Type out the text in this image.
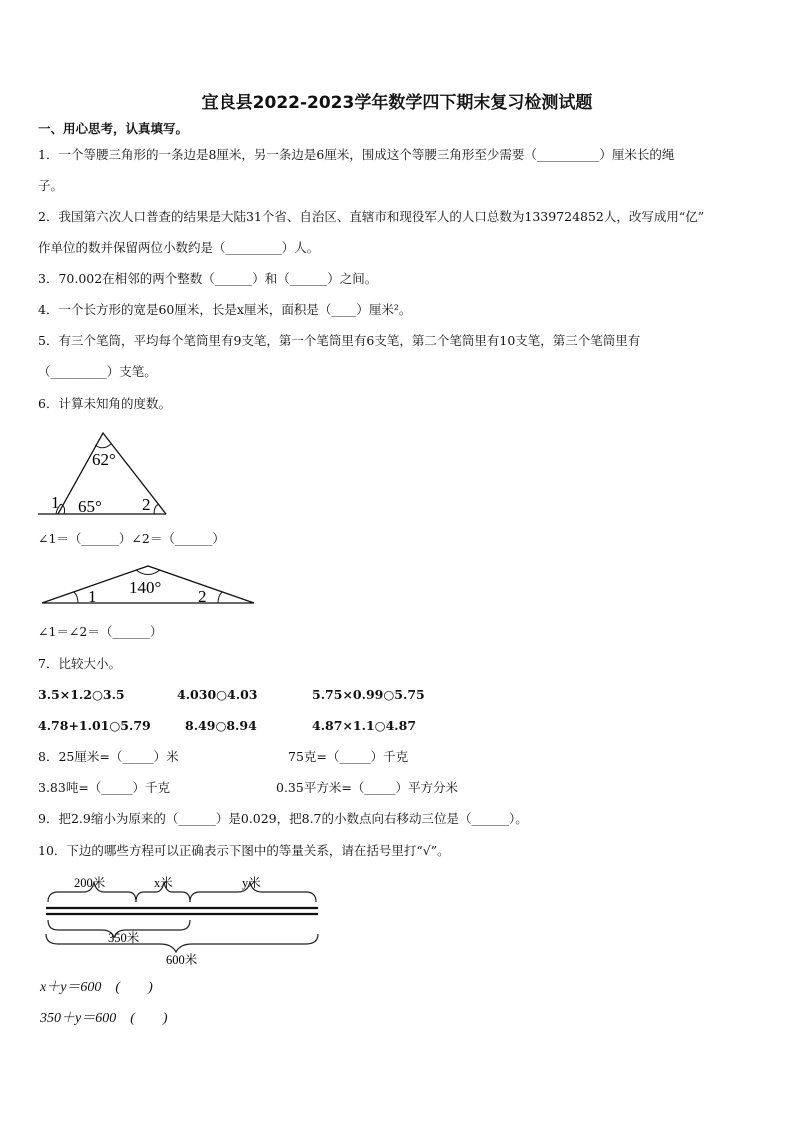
宜良县2022-2023学年数学四下期末复习检测试题
一、用心思考，认真填写。
1．一个等腰三角形的一条边是8厘米，另一条边是6厘米，围成这个等腰三角形至少需要（__________）厘米长的绳
子。
2．我国第六次人口普查的结果是大陆31个省、自治区、直辖市和现役军人的人口总数为1339724852人，改写成用“亿”
作单位的数并保留两位小数约是（_________）人。
3．70.002在相邻的两个整数（______）和（______）之间。
4．一个长方形的宽是60厘米，长是x厘米，面积是（____）厘米²。
5．有三个笔筒，平均每个笔筒里有9支笔，第一个笔筒里有6支笔，第二个笔筒里有10支笔，第三个笔筒里有
（_________）支笔。
6．计算未知角的度数。
62°
65°
1	2
∠1＝（______）∠2＝（______）
140°
1	2
∠1＝∠2＝（______）
7．比较大小。
3.5×1.2○3.5	4.030○4.03	5.75×0.99○5.75
4.78+1.01○5.79	8.49○8.94	4.87×1.1○4.87
8．25厘米=（_____）米	75克=（_____）千克
3.83吨=（_____）千克	0.35平方米=（_____）平方分米
9．把2.9缩小为原来的（______）是0.029，把8.7的小数点向右移动三位是（______）。
10．下边的哪些方程可以正确表示下图中的等量关系，请在括号里打“√”。
200米	x米	y米
350米
600米
x＋y＝600　(　　)
350＋y＝600　(　　)
